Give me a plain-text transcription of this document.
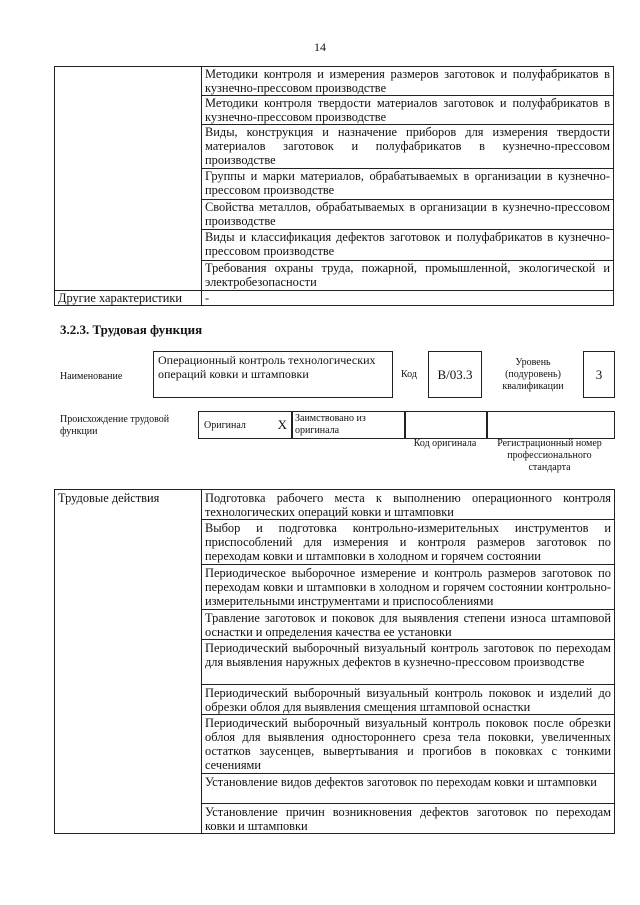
14
	Методики контроля и измерения размеров заготовок и полуфабрикатов в кузнечно-прессовом производстве
	Методики контроля твердости материалов заготовок и полуфабрикатов в кузнечно-прессовом производстве
	Виды, конструкция и назначение приборов для измерения твердости материалов заготовок и полуфабрикатов в кузнечно-прессовом производстве
	Группы и марки материалов, обрабатываемых в организации в кузнечно-прессовом производстве
	Свойства металлов, обрабатываемых в организации в кузнечно-прессовом производстве
	Виды и классификация дефектов заготовок и полуфабрикатов в кузнечно-прессовом производстве
	Требования охраны труда, пожарной, промышленной, экологической и электробезопасности
Другие характеристики	-
3.2.3. Трудовая функция
Наименование
Операционный контроль технологических операций ковки и штамповки	Код	В/03.3
Уровень (подуровень) квалификации
3
Происхождение трудовой функции
Оригинал X Заимствовано из оригинала
Код оригинала	Регистрационный номер профессионального стандарта
Трудовые действия	Подготовка рабочего места к выполнению операционного контроля технологических операций ковки и штамповки
Выбор и подготовка контрольно-измерительных инструментов и приспособлений для измерения и контроля размеров заготовок по переходам ковки и штамповки в холодном и горячем состоянии
Периодическое выборочное измерение и контроль размеров заготовок по переходам ковки и штамповки в холодном и горячем состоянии контрольно-измерительными инструментами и приспособлениями
Травление заготовок и поковок для выявления степени износа штамповой оснастки и определения качества ее установки
Периодический выборочный визуальный контроль заготовок по переходам для выявления наружных дефектов в кузнечно-прессовом производстве
Периодический выборочный визуальный контроль поковок и изделий до обрезки облоя для выявления смещения штамповой оснастки
Периодический выборочный визуальный контроль поковок после обрезки облоя для выявления одностороннего среза тела поковки, увеличенных остатков заусенцев, вывертывания и прогибов в поковках с тонкими сечениями
Установление видов дефектов заготовок по переходам ковки и штамповки
Установление причин возникновения дефектов заготовок по переходам ковки и штамповки
